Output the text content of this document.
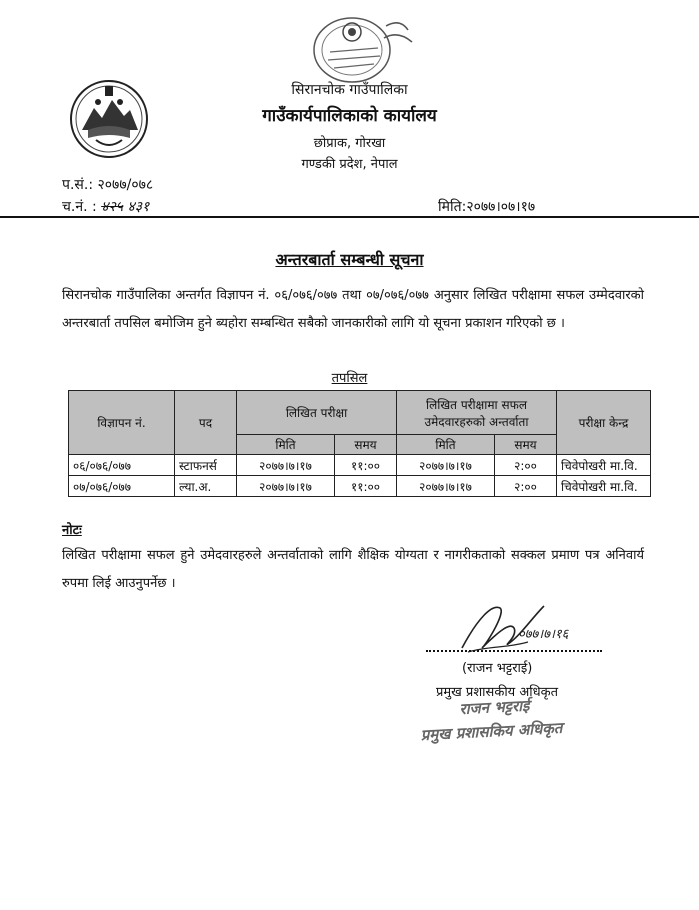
सिरानचोक गाउँपालिका
गाउँकार्यपालिकाको कार्यालय
छोप्राक, गोरखा
गण्डकी प्रदेश, नेपाल
प.सं.: २०७७/०७८
च.नं. : ४२५ ४३१	मिति:२०७७।०७।१७
अन्तरबार्ता सम्बन्धी सूचना
सिरानचोक गाउँपालिका अन्तर्गत विज्ञापन नं. ०६/०७६/०७७ तथा ०७/०७६/०७७ अनुसार लिखित परीक्षामा सफल उम्मेदवारको अन्तरबार्ता तपसिल बमोजिम हुने ब्यहोरा सम्बन्धित सबैको जानकारीको लागि यो सूचना प्रकाशन गरिएको छ ।
तपसिल
विज्ञापन नं.	पद	लिखित परीक्षा		लिखित परीक्षामा सफल उमेदवारहरुको अन्तर्वाता		परीक्षा केन्द्र
		मिति	समय	मिति	समय	
०६/०७६/०७७	स्टाफनर्स	२०७७।७।१७	११:००	२०७७।७।१७	२:००	चिवेपोखरी मा.वि.
०७/०७६/०७७	ल्या.अ.	२०७७।७।१७	११:००	२०७७।७।१७	२:००	चिवेपोखरी मा.वि.
नोटः
लिखित परीक्षामा सफल हुने उमेदवारहरुले अन्तर्वाताको लागि शैक्षिक योग्यता र नागरीकताको सक्कल प्रमाण पत्र अनिवार्य रुपमा लिई आउनुपर्नेछ ।
०७७।७।१६
(राजन भट्टराई)
प्रमुख प्रशासकीय अधिकृत
राजन भट्टराई
प्रमुख प्रशासकिय अधिकृत
